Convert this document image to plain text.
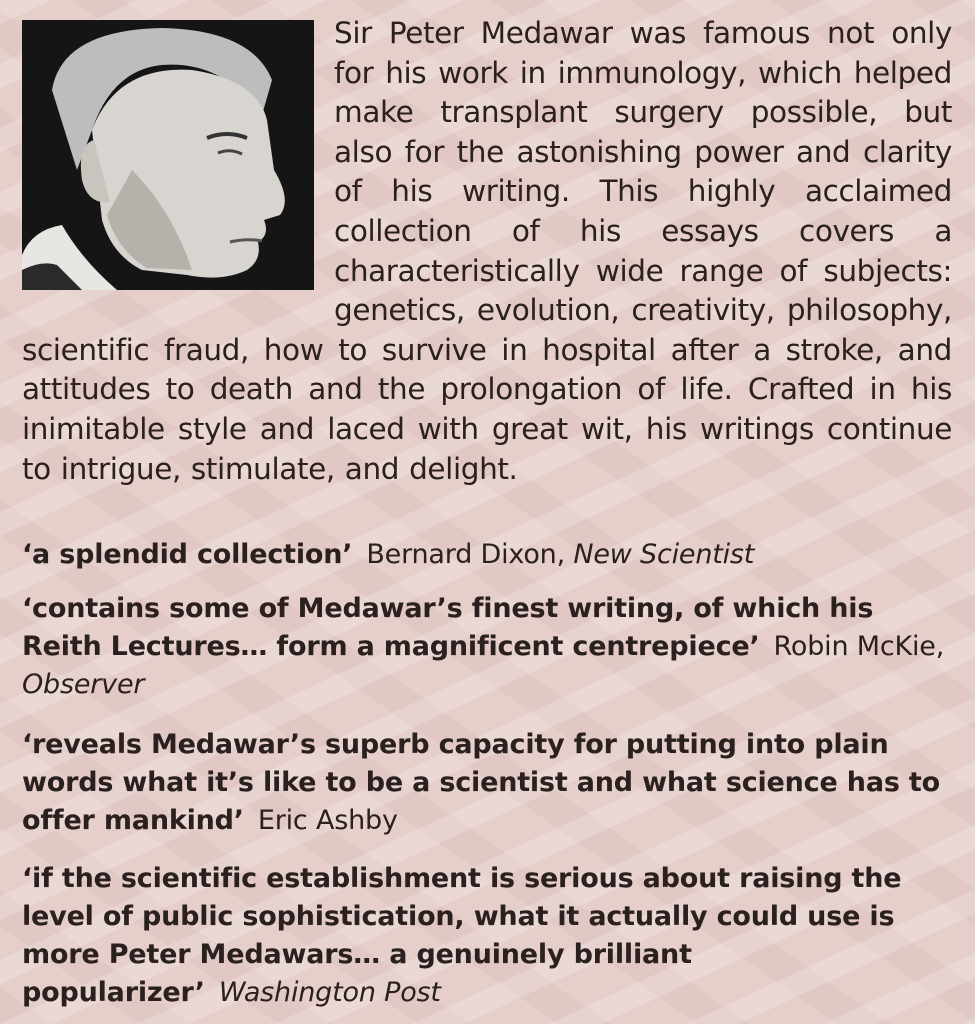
Sir Peter Medawar was famous not only for his work in immunology, which helped make transplant surgery possible, but also for the astonishing power and clarity of his writing. This highly acclaimed collection of his essays covers a characteristically wide range of subjects: genetics, evolution, creativity, philosophy, scientific fraud, how to survive in hospital after a stroke, and attitudes to death and the prolongation of life. Crafted in his inimitable style and laced with great wit, his writings continue to intrigue, stimulate, and delight.

‘a splendid collection’ Bernard Dixon, New Scientist

‘contains some of Medawar’s finest writing, of which his Reith Lectures… form a magnificent centrepiece’ Robin McKie, Observer

‘reveals Medawar’s superb capacity for putting into plain words what it’s like to be a scientist and what science has to offer mankind’ Eric Ashby

‘if the scientific establishment is serious about raising the level of public sophistication, what it actually could use is more Peter Medawars… a genuinely brilliant popularizer’ Washington Post
